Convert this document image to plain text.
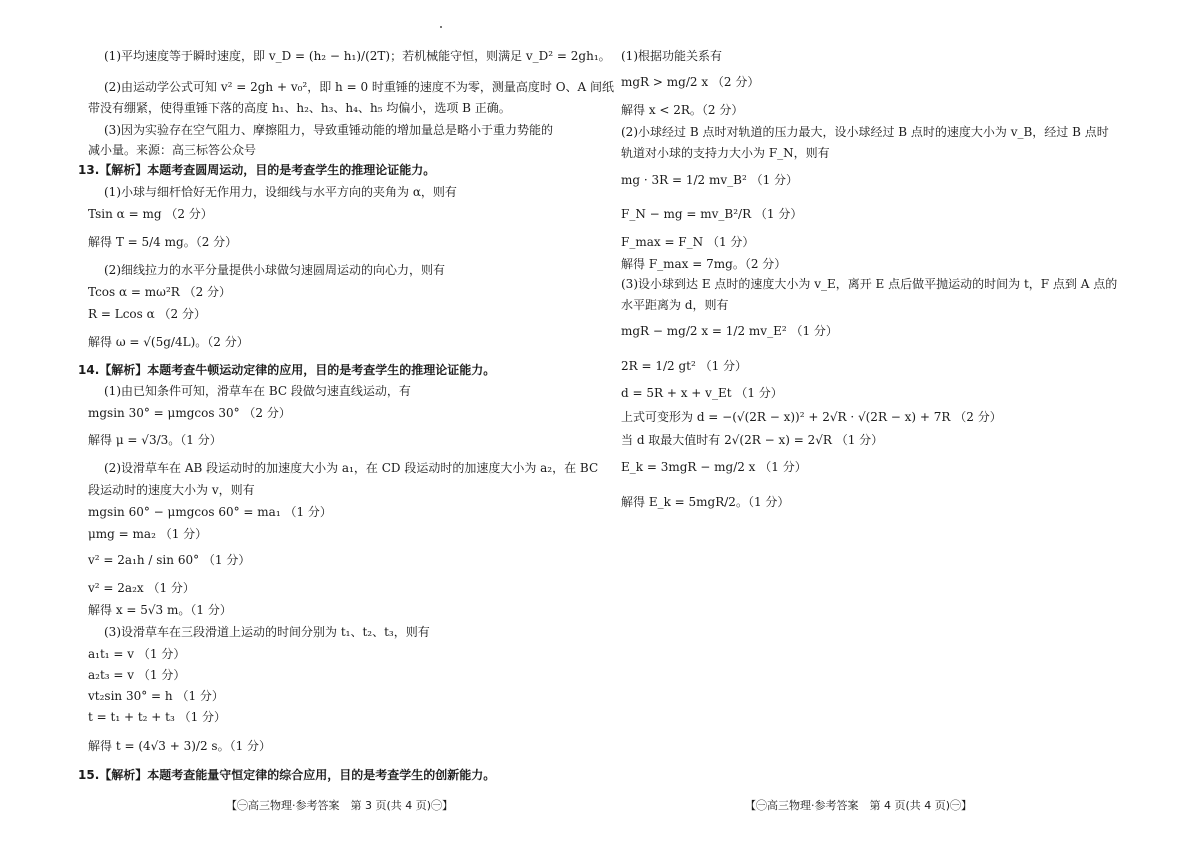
(1)平均速度等于瞬时速度，即 v_D = (h₂ − h₁)/(2T)；若机械能守恒，则满足 v_D² = 2gh₁。
(2)由运动学公式可知 v² = 2gh + v₀²，即 h = 0 时重锤的速度不为零，测量高度时 O、A 间纸
带没有绷紧，使得重锤下落的高度 h₁、h₂、h₃、h₄、h₅ 均偏小，选项 B 正确。
(3)因为实验存在空气阻力、摩擦阻力，导致重锤动能的增加量总是略小于重力势能的
减小量。来源：高三标答公众号
13.【解析】本题考查圆周运动，目的是考查学生的推理论证能力。
(1)小球与细杆恰好无作用力，设细线与水平方向的夹角为 α，则有
Tsin α = mg （2 分）
解得 T = 5/4 mg。（2 分）
(2)细线拉力的水平分量提供小球做匀速圆周运动的向心力，则有
Tcos α = mω²R （2 分）
R = Lcos α （2 分）
解得 ω = √(5g/4L)。（2 分）
14.【解析】本题考查牛顿运动定律的应用，目的是考查学生的推理论证能力。
(1)由已知条件可知，滑草车在 BC 段做匀速直线运动，有
mgsin 30° = μmgcos 30° （2 分）
解得 μ = √3/3。（1 分）
(2)设滑草车在 AB 段运动时的加速度大小为 a₁，在 CD 段运动时的加速度大小为 a₂，在 BC
段运动时的速度大小为 v，则有
mgsin 60° − μmgcos 60° = ma₁ （1 分）
μmg = ma₂ （1 分）
v² = 2a₁h / sin 60° （1 分）
v² = 2a₂x （1 分）
解得 x = 5√3 m。（1 分）
(3)设滑草车在三段滑道上运动的时间分别为 t₁、t₂、t₃，则有
a₁t₁ = v （1 分）
a₂t₃ = v （1 分）
vt₂sin 30° = h （1 分）
t = t₁ + t₂ + t₃ （1 分）
解得 t = (4√3 + 3)/2 s。（1 分）
15.【解析】本题考查能量守恒定律的综合应用，目的是考查学生的创新能力。
(1)根据功能关系有
mgR > mg/2 x （2 分）
解得 x < 2R。（2 分）
(2)小球经过 B 点时对轨道的压力最大，设小球经过 B 点时的速度大小为 v_B，经过 B 点时
轨道对小球的支持力大小为 F_N，则有
mg · 3R = 1/2 mv_B² （1 分）
F_N − mg = mv_B²/R （1 分）
F_max = F_N （1 分）
解得 F_max = 7mg。（2 分）
(3)设小球到达 E 点时的速度大小为 v_E，离开 E 点后做平抛运动的时间为 t，F 点到 A 点的
水平距离为 d，则有
mgR − mg/2 x = 1/2 mv_E² （1 分）
2R = 1/2 gt² （1 分）
d = 5R + x + v_Et （1 分）
上式可变形为 d = −(√(2R − x))² + 2√R · √(2R − x) + 7R （2 分）
当 d 取最大值时有 2√(2R − x) = 2√R （1 分）
E_k = 3mgR − mg/2 x （1 分）
解得 E_k = 5mgR/2。（1 分）
【㊀高三物理·参考答案　第 3 页(共 4 页)㊀】	【㊀高三物理·参考答案　第 4 页(共 4 页)㊀】
